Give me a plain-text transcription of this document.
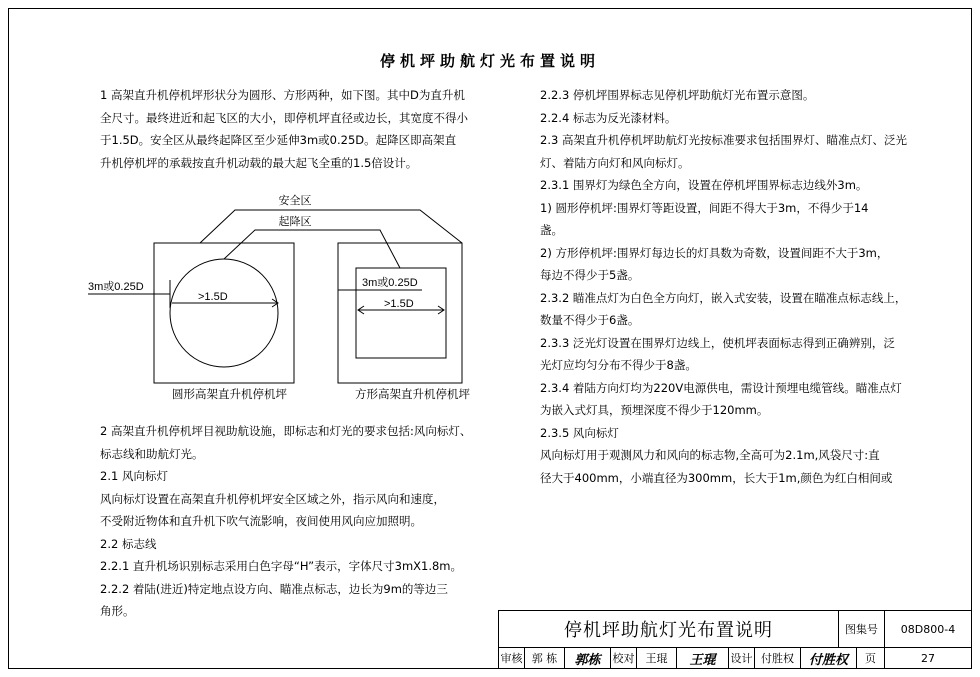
停机坪助航灯光布置说明
1 高架直升机停机坪形状分为圆形、方形两种，如下图。其中D为直升机
全尺寸。最终进近和起飞区的大小，即停机坪直径或边长，其宽度不得小
于1.5D。安全区从最终起降区至少延伸3m或0.25D。起降区即高架直
升机停机坪的承载按直升机动载的最大起飞全重的1.5倍设计。
安全区
起降区
3m或0.25D
>1.5D
3m或0.25D
>1.5D
圆形高架直升机停机坪	方形高架直升机停机坪
2 高架直升机停机坪目视助航设施，即标志和灯光的要求包括:风向标灯、
标志线和助航灯光。
2.1 风向标灯
风向标灯设置在高架直升机停机坪安全区域之外，指示风向和速度，
不受附近物体和直升机下吹气流影响，夜间使用风向应加照明。
2.2 标志线
2.2.1 直升机场识别标志采用白色字母“H”表示，字体尺寸3mX1.8m。
2.2.2 着陆(进近)特定地点设方向、瞄准点标志，边长为9m的等边三
角形。
2.2.3 停机坪围界标志见停机坪助航灯光布置示意图。
2.2.4 标志为反光漆材料。
2.3 高架直升机停机坪助航灯光按标准要求包括围界灯、瞄准点灯、泛光
灯、着陆方向灯和风向标灯。
2.3.1 围界灯为绿色全方向，设置在停机坪围界标志边线外3m。
1) 圆形停机坪:围界灯等距设置，间距不得大于3m，不得少于14
盏。
2) 方形停机坪:围界灯每边长的灯具数为奇数，设置间距不大于3m，
每边不得少于5盏。
2.3.2 瞄准点灯为白色全方向灯，嵌入式安装，设置在瞄准点标志线上，
数量不得少于6盏。
2.3.3 泛光灯设置在围界灯边线上，使机坪表面标志得到正确辨别，泛
光灯应均匀分布不得少于8盏。
2.3.4 着陆方向灯均为220V电源供电，需设计预埋电缆管线。瞄准点灯
为嵌入式灯具，预埋深度不得少于120mm。
2.3.5 风向标灯
风向标灯用于观测风力和风向的标志物,全高可为2.1m,风袋尺寸:直
径大于400mm，小端直径为300mm，长大于1m,颜色为红白相间或
停机坪助航灯光布置说明	图集号	08D800-4
审核 郭 栋	郭栋	校对	王琨	王琨	设计 付胜权	付胜权	页	27
